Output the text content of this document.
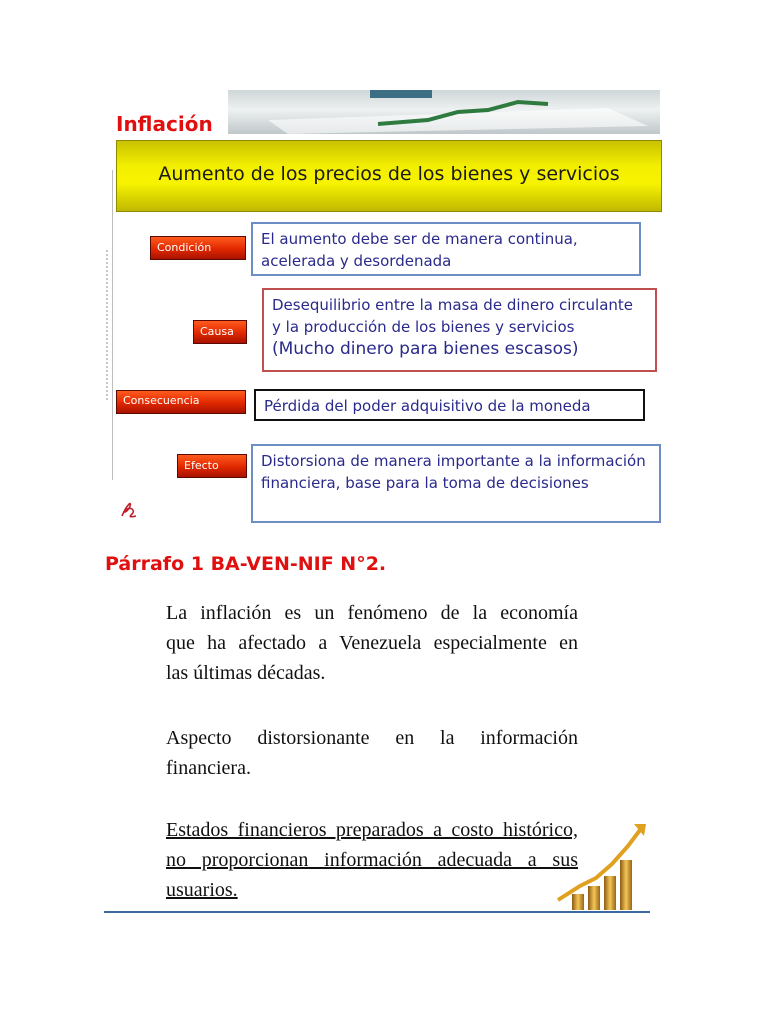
Inflación
Aumento de los precios de los bienes y servicios
Condición	El aumento debe ser de manera continua,
acelerada y desordenada
Causa
Desequilibrio entre la masa de dinero circulante
y la producción de los bienes y servicios
(Mucho dinero para bienes escasos)
Consecuencia	Pérdida del poder adquisitivo de la moneda
Efecto	Distorsiona de manera importante a la información
financiera, base para la toma de decisiones
Párrafo 1 BA-VEN-NIF N°2.
La inflación es un fenómeno de la economía
que ha afectado a Venezuela especialmente en
las últimas décadas.
Aspecto distorsionante en la información
financiera.
Estados financieros preparados a costo histórico,
no proporcionan información adecuada a sus
usuarios.
